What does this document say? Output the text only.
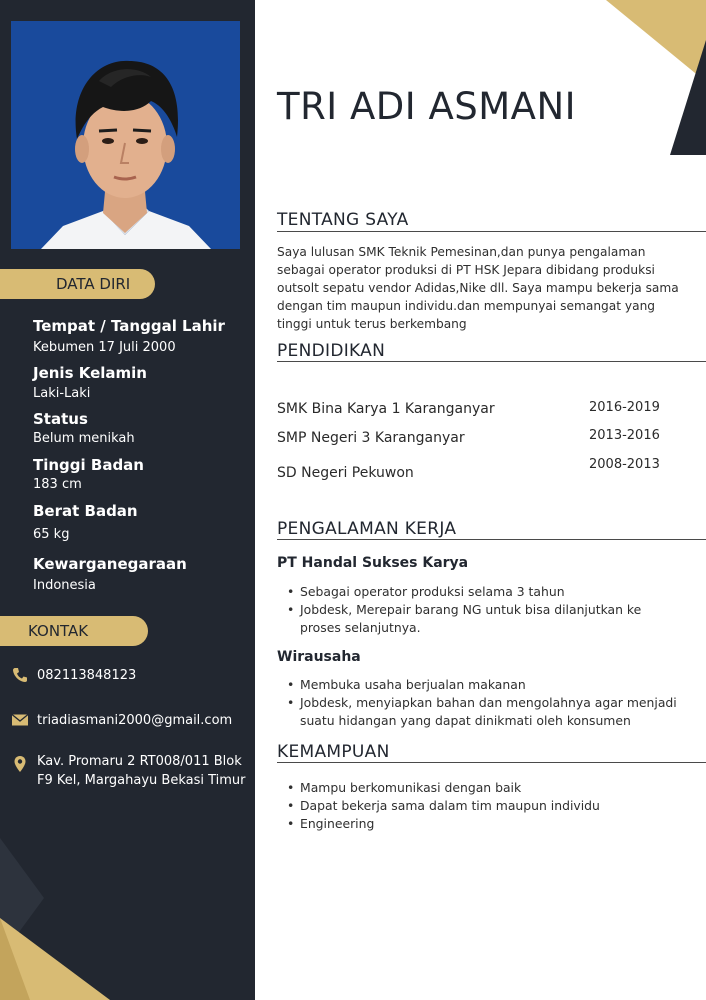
DATA DIRI
Tempat / Tanggal Lahir
Kebumen 17 Juli 2000
Jenis Kelamin
Laki-Laki
Status
Belum menikah
Tinggi Badan
183 cm
Berat Badan
65 kg
Kewarganegaraan
Indonesia
KONTAK
082113848123
triadiasmani2000@gmail.com
Kav. Promaru 2 RT008/011 Blok
F9 Kel, Margahayu Bekasi Timur
TRI ADI ASMANI
TENTANG SAYA
Saya lulusan SMK Teknik Pemesinan,dan punya pengalaman
sebagai operator produksi di PT HSK Jepara dibidang produksi
outsolt sepatu vendor Adidas,Nike dll. Saya mampu bekerja sama
dengan tim maupun individu.dan mempunyai semangat yang
tinggi untuk terus berkembang
PENDIDIKAN
SMK Bina Karya 1 Karanganyar	2016-2019
SMP Negeri 3 Karanganyar	2013-2016
SD Negeri Pekuwon
2008-2013
PENGALAMAN KERJA
PT Handal Sukses Karya
• Sebagai operator produksi selama 3 tahun
• Jobdesk, Merepair barang NG untuk bisa dilanjutkan ke proses selanjutnya.
Wirausaha
• Membuka usaha berjualan makanan
• Jobdesk, menyiapkan bahan dan mengolahnya agar menjadi suatu hidangan yang dapat dinikmati oleh konsumen
KEMAMPUAN
• Mampu berkomunikasi dengan baik
• Dapat bekerja sama dalam tim maupun individu
• Engineering
